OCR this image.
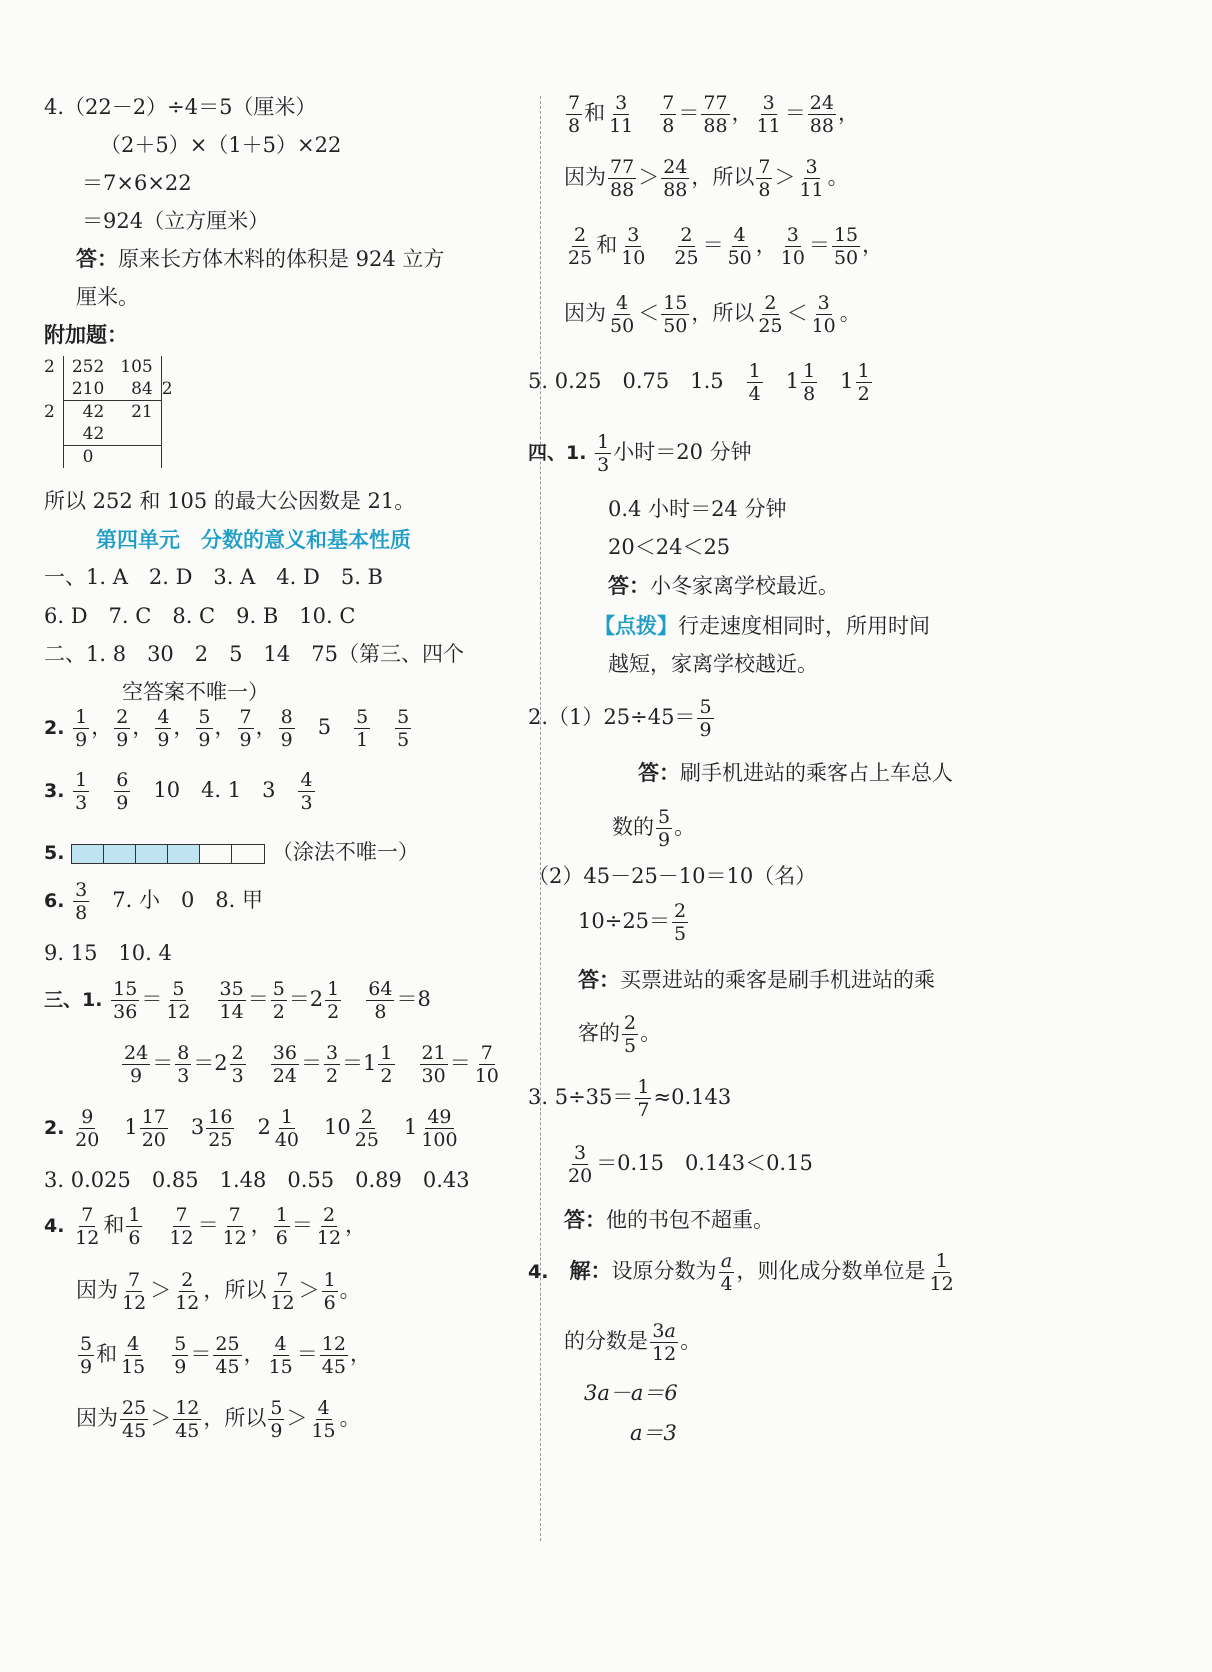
4.（22－2）÷4＝5（厘米）
（2＋5）×（1＋5）×22
＝7×6×22
＝924（立方厘米）
答：原来长方体木料的体积是 924 立方
厘米。
附加题：
2	252	105	
	210	84	2
2	42	21	
	42		
	0		
所以 252 和 105 的最大公因数是 21。
第四单元　分数的意义和基本性质
一、1. A　2. D　3. A　4. D　5. B
6. D　7. C　8. C　9. B　10. C
二、1. 8　30　2　5　14　75（第三、四个
空答案不唯一）
2. $\frac{1}{9}$ ， $\frac{2}{9}$ ， $\frac{4}{9}$ ， $\frac{5}{9}$ ， $\frac{7}{9}$ ， $\frac{8}{9}$ 　5　 $\frac{5}{1}$
　 $\frac{5}{5}$
3. $\frac{1}{3}$
　 $\frac{6}{9}$
　 10　4. 1　3　 $\frac{4}{3}$
5.	（涂法不唯一）
6. $\frac{3}{8}$
　 7. 小　0　8. 甲
9. 15　10. 4
三、1. $\frac{15}{36} = \frac{5}{12}$
　 $\frac{35}{14} = \frac{5}{2} =2 \frac{1}{2}$
　 $\frac{64}{8} =8$
$\frac{24}{9} = \frac{8}{3} =2 \frac{2}{3}$
　 $\frac{36}{24} = \frac{3}{2} =1 \frac{1}{2}$
　 $\frac{21}{30} = \frac{7}{10}$
2. $\frac{9}{20}$ 　$1 \frac{17}{20}$ 　$3 \frac{16}{25}$ 　$2 \frac{1}{40}$ 　$10 \frac{2}{25}$ 　$1 \frac{49}{100}$
3. 0.025　0.85　1.48　0.55　0.89　0.43
4. $\frac{7}{12}$ 和 $\frac{1}{6}$
　 $\frac{7}{12} = \frac{7}{12}$ ， $\frac{1}{6} = \frac{2}{12}$ ，
因为 $\frac{7}{12} > \frac{2}{12}$ ，所以 $\frac{7}{12} > \frac{1}{6}$ 。
$\frac{5}{9}$ 和 $\frac{4}{15}$
　 $\frac{5}{9} = \frac{25}{45}$ ， $\frac{4}{15} = \frac{12}{45}$ ，
因为 $\frac{25}{45} > \frac{12}{45}$ ，所以 $\frac{5}{9} > \frac{4}{15}$ 。
$\frac{7}{8}$ 和 $\frac{3}{11}$
　 $\frac{7}{8} = \frac{77}{88}$ ， $\frac{3}{11} = \frac{24}{88}$ ，
因为 $\frac{77}{88} > \frac{24}{88}$ ，所以 $\frac{7}{8} > \frac{3}{11}$ 。
$\frac{2}{25}$ 和 $\frac{3}{10}$
　 $\frac{2}{25} = \frac{4}{50}$ ， $\frac{3}{10} = \frac{15}{50}$ ，
因为 $\frac{4}{50} < \frac{15}{50}$ ，所以 $\frac{2}{25} < \frac{3}{10}$ 。
5. 0.25　0.75　1.5　 $\frac{1}{4}$ 　$1 \frac{1}{8}$ 　$1 \frac{1}{2}$
四、1. $\frac{1}{3}$ 小时＝20 分钟
0.4 小时＝24 分钟
20＜24＜25
答：小冬家离学校最近。
【点拨】行走速度相同时，所用时间
越短，家离学校越近。
$2.(1)25\div 45= \frac{5}{9}$
答：刷手机进站的乘客占上车总人
数的 $\frac{5}{9}$ 。
（2）45－25－10＝10（名）
$10\div 25= \frac{2}{5}$
答：买票进站的乘客是刷手机进站的乘
客的 $\frac{2}{5}$ 。
3. $5\div 35= \frac{1}{7} \approx 0.143$
$\frac{3}{20} =0.15$　0.143＜0.15
答：他的书包不超重。
4.　 解：设原分数为 $\frac{a}{4}$ ，则化成分数单位是 $\frac{1}{12}$
的分数是 $\frac{3a}{12}$ 。
3a－a＝6
a＝3
